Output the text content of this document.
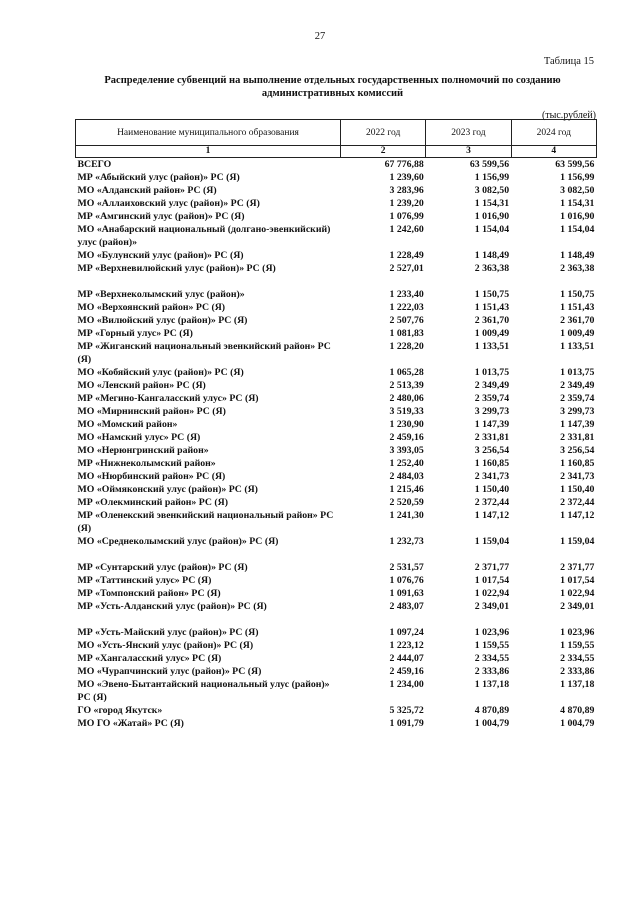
27
Таблица 15
Распределение субвенций на выполнение отдельных государственных полномочий по созданию административных комиссий
(тыс.рублей)
Наименование муниципального образования	2022 год	2023 год	2024 год
1	2	3	4
ВСЕГО	67 776,88	63 599,56	63 599,56
МР «Абыйский улус (район)» РС (Я)	1 239,60	1 156,99	1 156,99
МО «Алданский район» РС (Я)	3 283,96	3 082,50	3 082,50
МО «Аллаиховский улус (район)» РС (Я)	1 239,20	1 154,31	1 154,31
МР «Амгинский улус (район)» РС (Я)	1 076,99	1 016,90	1 016,90
МО «Анабарский национальный (долгано-эвенкийский) улус (район)»	1 242,60	1 154,04	1 154,04
МО «Булунский улус (район)» РС (Я)	1 228,49	1 148,49	1 148,49
МР «Верхневилюйский улус (район)» РС (Я)	2 527,01	2 363,38	2 363,38

МР «Верхнеколымский улус (район)»	1 233,40	1 150,75	1 150,75
МО «Верхоянский район» РС (Я)	1 222,03	1 151,43	1 151,43
МО «Вилюйский улус (район)» РС (Я)	2 507,76	2 361,70	2 361,70
МР «Горный улус» РС (Я)	1 081,83	1 009,49	1 009,49
МР «Жиганский национальный эвенкийский район» РС (Я)	1 228,20	1 133,51	1 133,51
МО «Кобяйский улус (район)» РС (Я)	1 065,28	1 013,75	1 013,75
МО «Ленский район» РС (Я)	2 513,39	2 349,49	2 349,49
МР «Мегино-Кангаласский улус» РС (Я)	2 480,06	2 359,74	2 359,74
МО «Мирнинский район» РС (Я)	3 519,33	3 299,73	3 299,73
МО «Момский район»	1 230,90	1 147,39	1 147,39
МО «Намский улус» РС (Я)	2 459,16	2 331,81	2 331,81
МО «Нерюнгринский район»	3 393,05	3 256,54	3 256,54
МР «Нижнеколымский район»	1 252,40	1 160,85	1 160,85
МО «Нюрбинский район» РС (Я)	2 484,03	2 341,73	2 341,73
МО «Оймяконский улус (район)» РС (Я)	1 215,46	1 150,40	1 150,40
МР «Олекминский район» РС (Я)	2 520,59	2 372,44	2 372,44
МР «Оленекский эвенкийский национальный район» РС (Я)	1 241,30	1 147,12	1 147,12
МО «Среднеколымский улус (район)» РС (Я)	1 232,73	1 159,04	1 159,04

МР «Сунтарский улус (район)» РС (Я)	2 531,57	2 371,77	2 371,77
МР «Таттинский улус» РС (Я)	1 076,76	1 017,54	1 017,54
МР «Томпонский район» РС (Я)	1 091,63	1 022,94	1 022,94
МР «Усть-Алданский улус (район)» РС (Я)	2 483,07	2 349,01	2 349,01

МР «Усть-Майский улус (район)» РС (Я)	1 097,24	1 023,96	1 023,96
МО «Усть-Янский улус (район)» РС (Я)	1 223,12	1 159,55	1 159,55
МР «Хангаласский улус» РС (Я)	2 444,07	2 334,55	2 334,55
МО «Чурапчинский улус (район)» РС (Я)	2 459,16	2 333,86	2 333,86
МО «Эвено-Бытантайский национальный улус (район)» РС (Я)	1 234,00	1 137,18	1 137,18
ГО «город Якутск»	5 325,72	4 870,89	4 870,89
МО ГО «Жатай» РС (Я)	1 091,79	1 004,79	1 004,79
